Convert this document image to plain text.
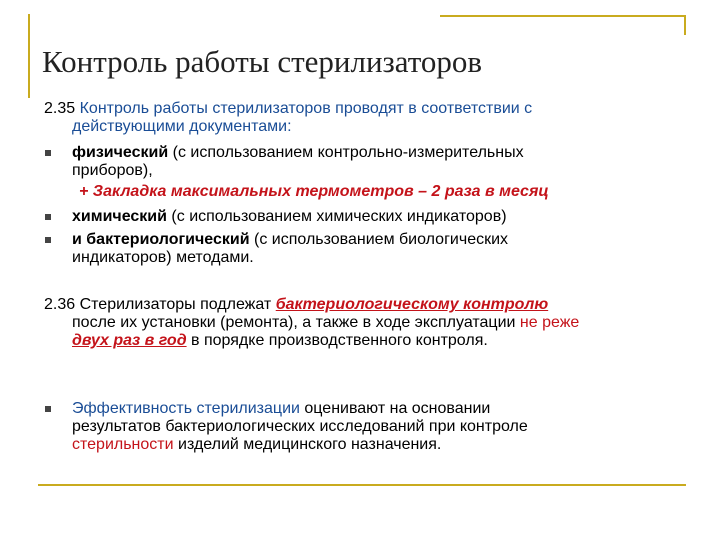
Контроль работы стерилизаторов
2.35 Контроль работы стерилизаторов проводят в соответствии с
действующими документами:
физический (с использованием контрольно-измерительных
приборов),
+ Закладка максимальных термометров – 2 раза в месяц
химический (с использованием химических индикаторов)
и бактериологический (с использованием биологических
индикаторов) методами.
2.36 Стерилизаторы подлежат бактериологическому контролю
после их установки (ремонта), а также в ходе эксплуатации не реже
двух раз в год в порядке производственного контроля.
Эффективность стерилизации оценивают на основании
результатов бактериологических исследований при контроле
стерильности изделий медицинского назначения.
